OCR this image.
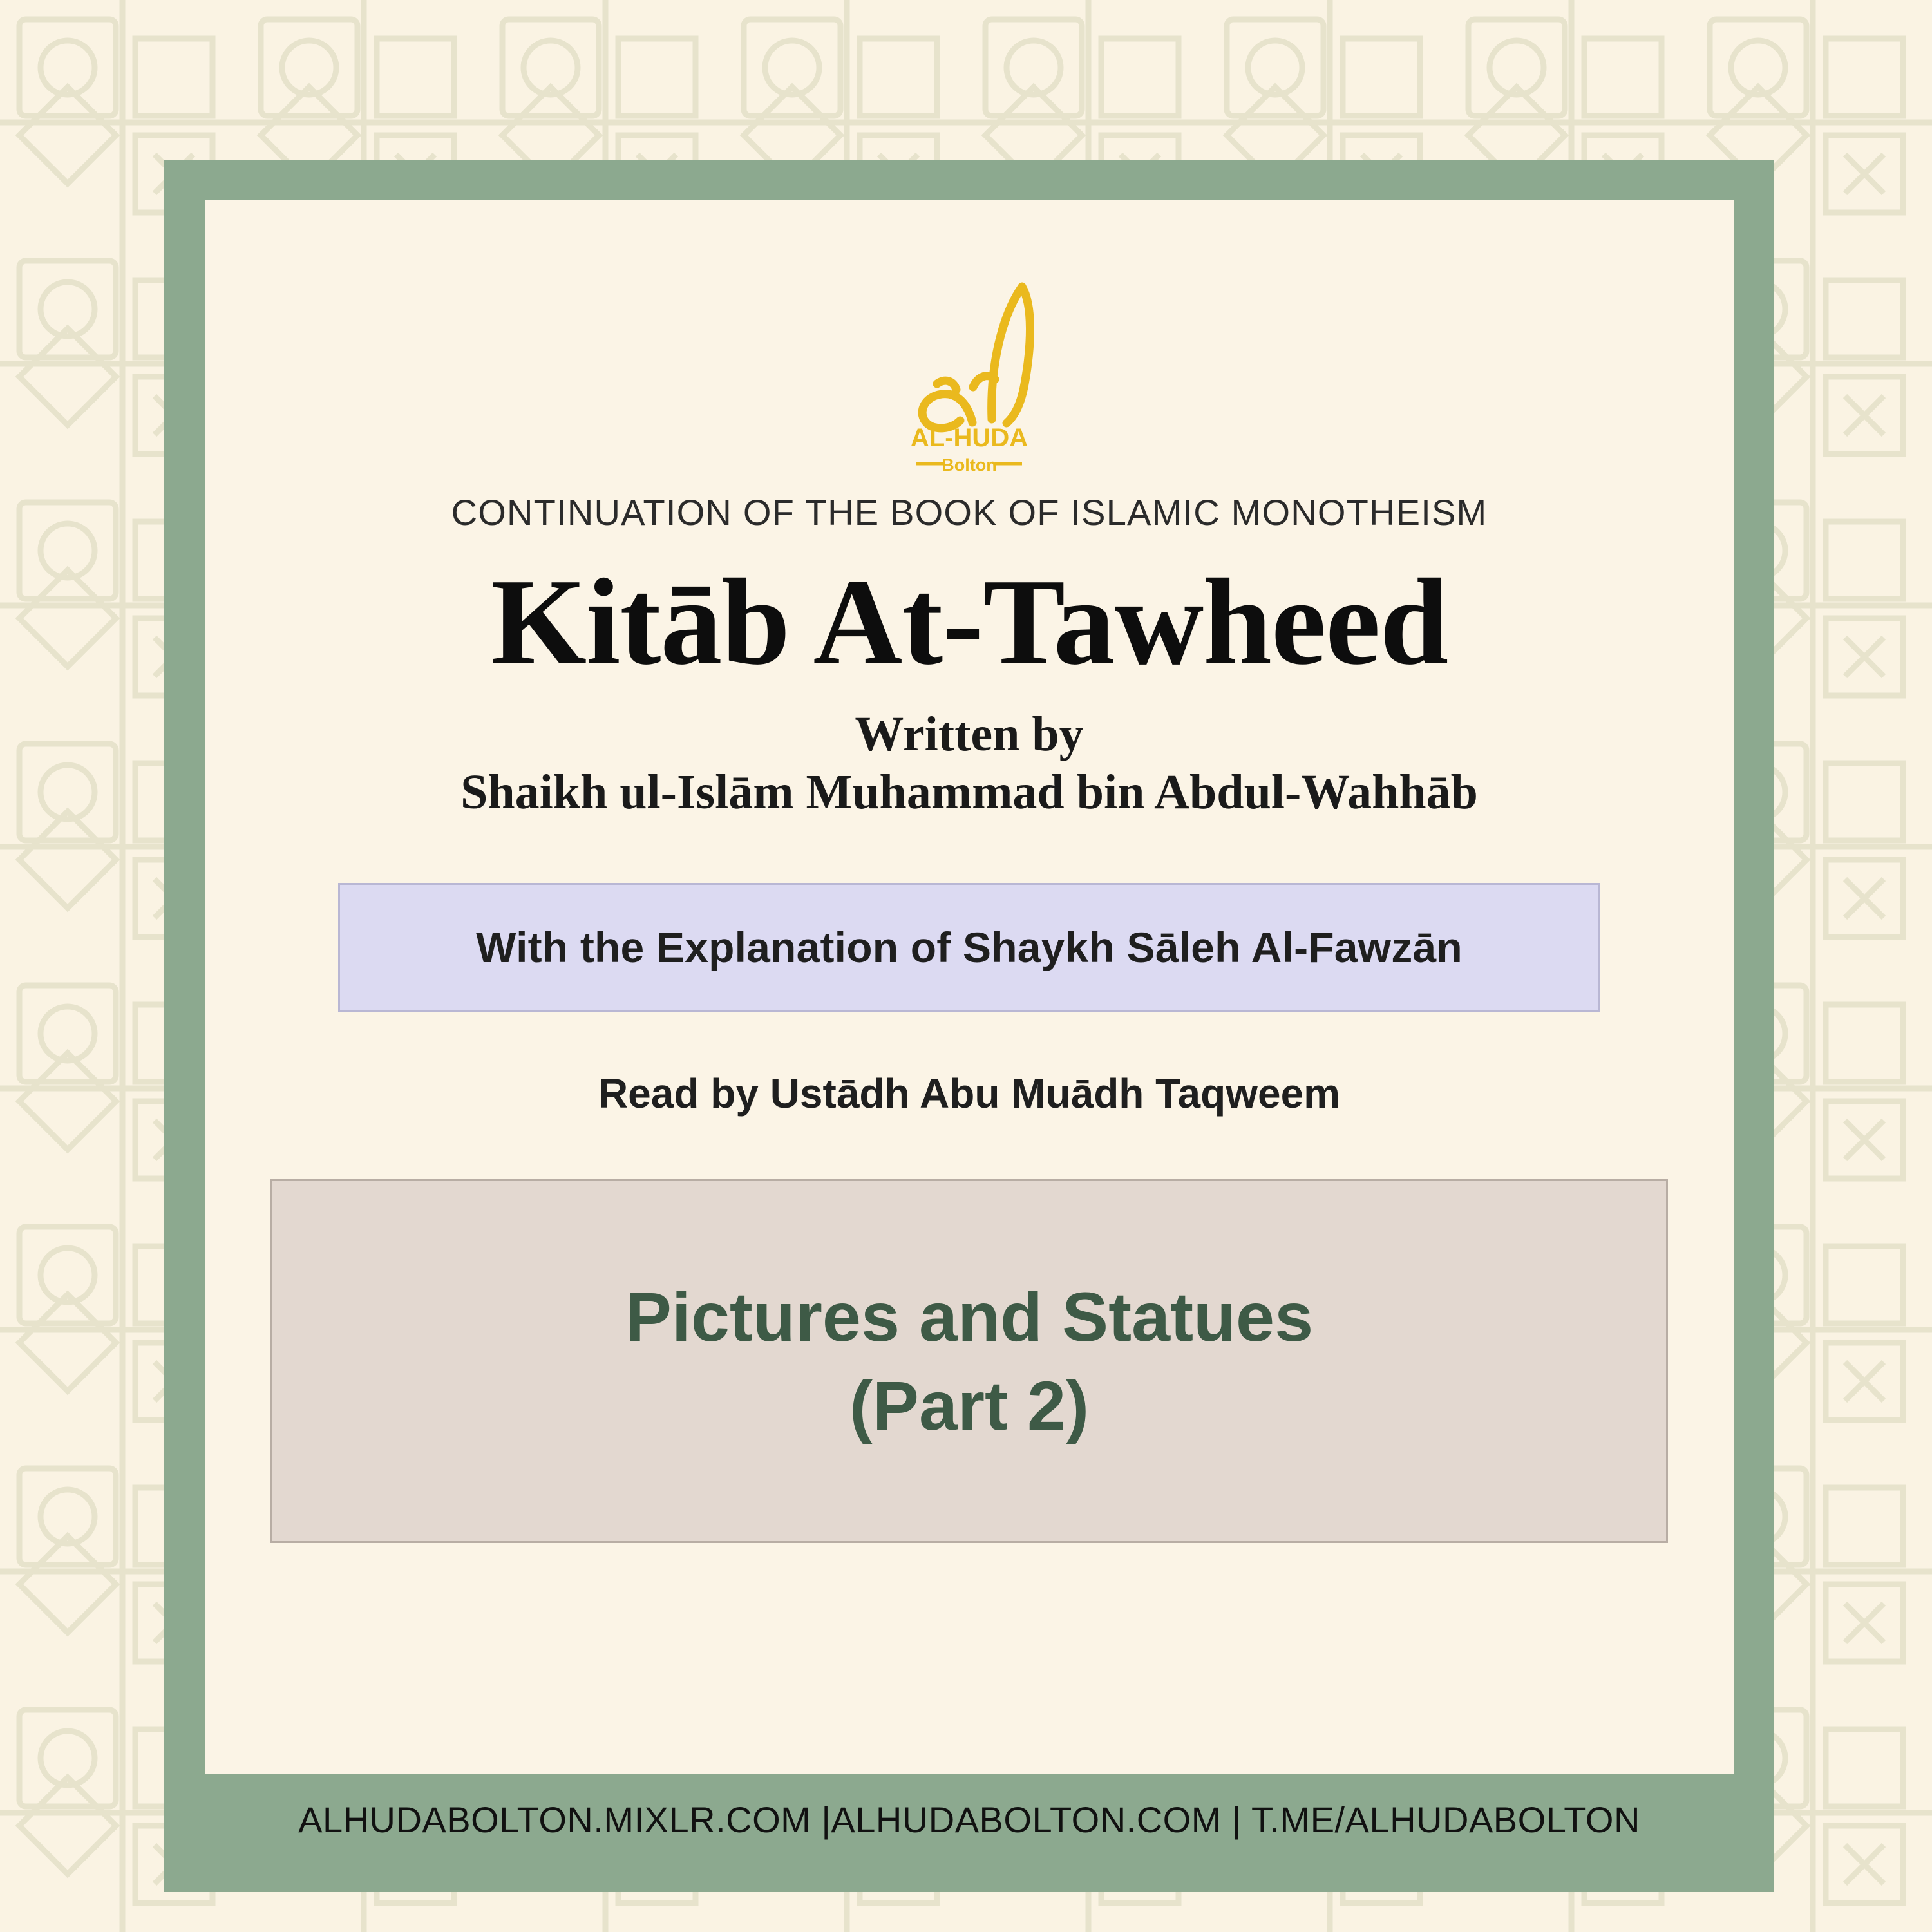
AL-HUDA
Bolton
CONTINUATION OF THE BOOK OF ISLAMIC MONOTHEISM
Kitāb At-Tawheed
Written by
Shaikh ul-Islām Muhammad bin Abdul-Wahhāb
With the Explanation of Shaykh Sāleh Al-Fawzān
Read by Ustādh Abu Muādh Taqweem
Pictures and Statues
(Part 2)
ALHUDABOLTON.MIXLR.COM |ALHUDABOLTON.COM | T.ME/ALHUDABOLTON
